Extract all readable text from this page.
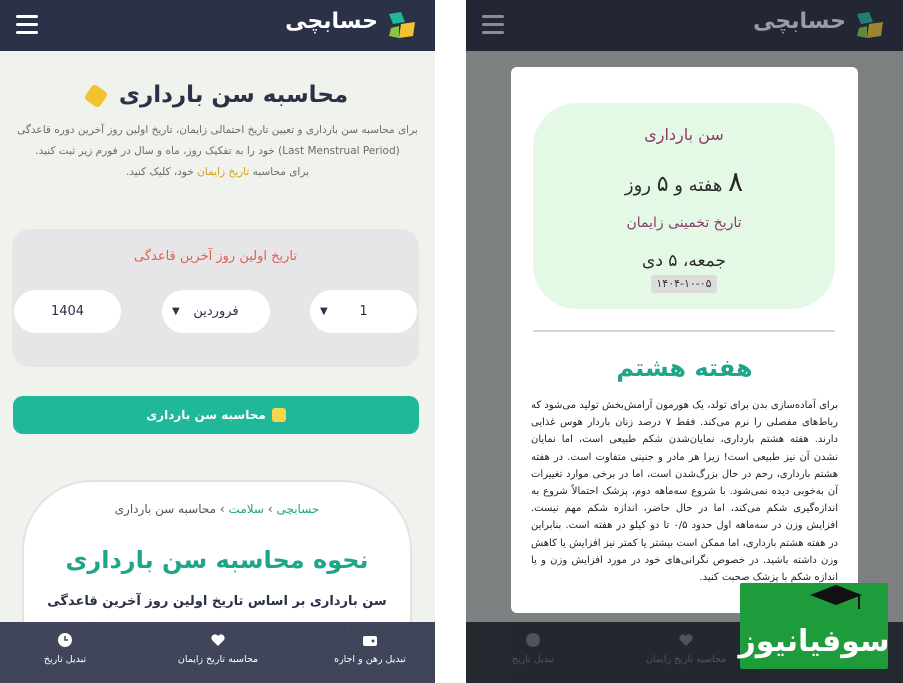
حسابچی
محاسبه سن بارداری
برای محاسبه سن بارداری و تعیین تاریخ احتمالی زایمان، تاریخ اولین روز آخرین دوره قاعدگی
(Last Menstrual Period) خود را به تفکیک روز، ماه و سال در فورم زیر ثبت کنید.
برای محاسبه تاریخ زایمان خود، کلیک کنید.
تاریخ اولین روز آخرین قاعدگی
1
▼
فروردین
▼
1404
محاسبه سن بارداری
حسابچی › سلامت › محاسبه سن بارداری
نحوه محاسبه سن بارداری
سن بارداری بر اساس تاریخ اولین روز آخرین قاعدگی
تبدیل رهن و اجاره
محاسبه تاریخ زایمان
تبدیل تاریخ
حسابچی
سن بارداری
۸ هفته و ۵ روز
تاریخ تخمینی زایمان
جمعه، ۵ دی
۱۴۰۴-۱۰-۰۵
هفته هشتم
برای آماده‌سازی بدن برای تولد، یک هورمون آرامش‌بخش تولید می‌شود که رباط‌های مفصلی را نرم می‌کند. فقط ۷ درصد زنان باردار هوس غذایی دارند. هفته هشتم بارداری، نمایان‌شدن شکم طبیعی است، اما نمایان نشدن آن نیز طبیعی است! زیرا هر مادر و جنینی متفاوت است. در هفته هشتم بارداری، رحم در حال بزرگ‌شدن است، اما در برخی موارد تغییرات آن به‌خوبی دیده نمی‌شود. با شروع سه‌ماهه دوم، پزشک احتمالاً شروع به اندازه‌گیری شکم می‌کند، اما در حال حاضر، اندازه شکم مهم نیست. افزایش وزن در سه‌ماهه اول حدود ۰/۵ تا دو کیلو در هفته است. بنابراین در هفته هشتم بارداری، اما ممکن است بیشتر یا کمتر نیز افزایش یا کاهش وزن داشته باشید. در خصوص نگرانی‌های خود در مورد افزایش وزن و یا اندازه شکم با پزشک صحبت کنید.
سوفیانیوز
